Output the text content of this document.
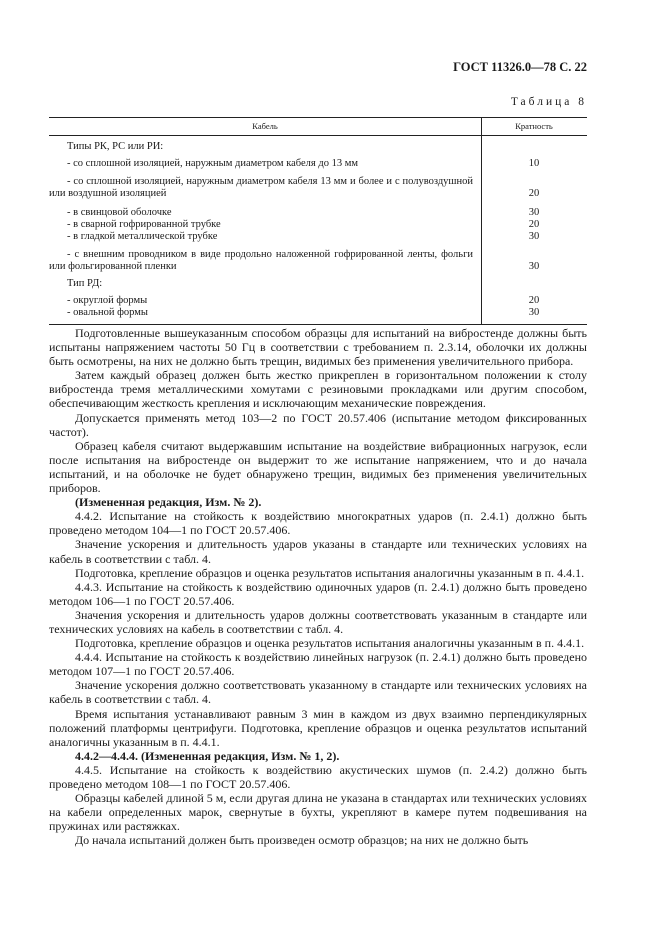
ГОСТ 11326.0—78 С. 22
Таблица 8
Кабель	Кратность
Типы РК, РС или РИ:
- со сплошной изоляцией, наружным диаметром кабеля до 13 мм	10
- со сплошной изоляцией, наружным диаметром кабеля 13 мм и более и с полувоздушной или воздушной изоляцией	20
- в свинцовой оболочке	30
- в сварной гофрированной трубке	20
- в гладкой металлической трубке	30
- с внешним проводником в виде продольно наложенной гофрированной ленты, фольги или фольгированной пленки	30
Тип РД:
- округлой формы	20
- овальной формы	30

Подготовленные вышеуказанным способом образцы для испытаний на вибростенде должны быть испытаны напряжением частоты 50 Гц в соответствии с требованием п. 2.3.14, оболочки их должны быть осмотрены, на них не должно быть трещин, видимых без применения увеличительного прибора.

Затем каждый образец должен быть жестко прикреплен в горизонтальном положении к столу вибростенда тремя металлическими хомутами с резиновыми прокладками или другим способом, обеспечивающим жесткость крепления и исключающим механические повреждения.

Допускается применять метод 103—2 по ГОСТ 20.57.406 (испытание методом фиксированных частот).

Образец кабеля считают выдержавшим испытание на воздействие вибрационных нагрузок, если после испытания на вибростенде он выдержит то же испытание напряжением, что и до начала испытаний, и на оболочке не будет обнаружено трещин, видимых без применения увеличительных приборов.

(Измененная редакция, Изм. № 2).

4.4.2. Испытание на стойкость к воздействию многократных ударов (п. 2.4.1) должно быть проведено методом 104—1 по ГОСТ 20.57.406.

Значение ускорения и длительность ударов указаны в стандарте или технических условиях на кабель в соответствии с табл. 4.

Подготовка, крепление образцов и оценка результатов испытания аналогичны указанным в п. 4.4.1.

4.4.3. Испытание на стойкость к воздействию одиночных ударов (п. 2.4.1) должно быть проведено методом 106—1 по ГОСТ 20.57.406.

Значения ускорения и длительность ударов должны соответствовать указанным в стандарте или технических условиях на кабель в соответствии с табл. 4.

Подготовка, крепление образцов и оценка результатов испытания аналогичны указанным в п. 4.4.1.

4.4.4. Испытание на стойкость к воздействию линейных нагрузок (п. 2.4.1) должно быть проведено методом 107—1 по ГОСТ 20.57.406.

Значение ускорения должно соответствовать указанному в стандарте или технических условиях на кабель в соответствии с табл. 4.

Время испытания устанавливают равным 3 мин в каждом из двух взаимно перпендикулярных положений платформы центрифуги. Подготовка, крепление образцов и оценка результатов испытаний аналогичны указанным в п. 4.4.1.

4.4.2—4.4.4. (Измененная редакция, Изм. № 1, 2).

4.4.5. Испытание на стойкость к воздействию акустических шумов (п. 2.4.2) должно быть проведено методом 108—1 по ГОСТ 20.57.406.

Образцы кабелей длиной 5 м, если другая длина не указана в стандартах или технических условиях на кабели определенных марок, свернутые в бухты, укрепляют в камере путем подвешивания на пружинах или растяжках.

До начала испытаний должен быть произведен осмотр образцов; на них не должно быть
